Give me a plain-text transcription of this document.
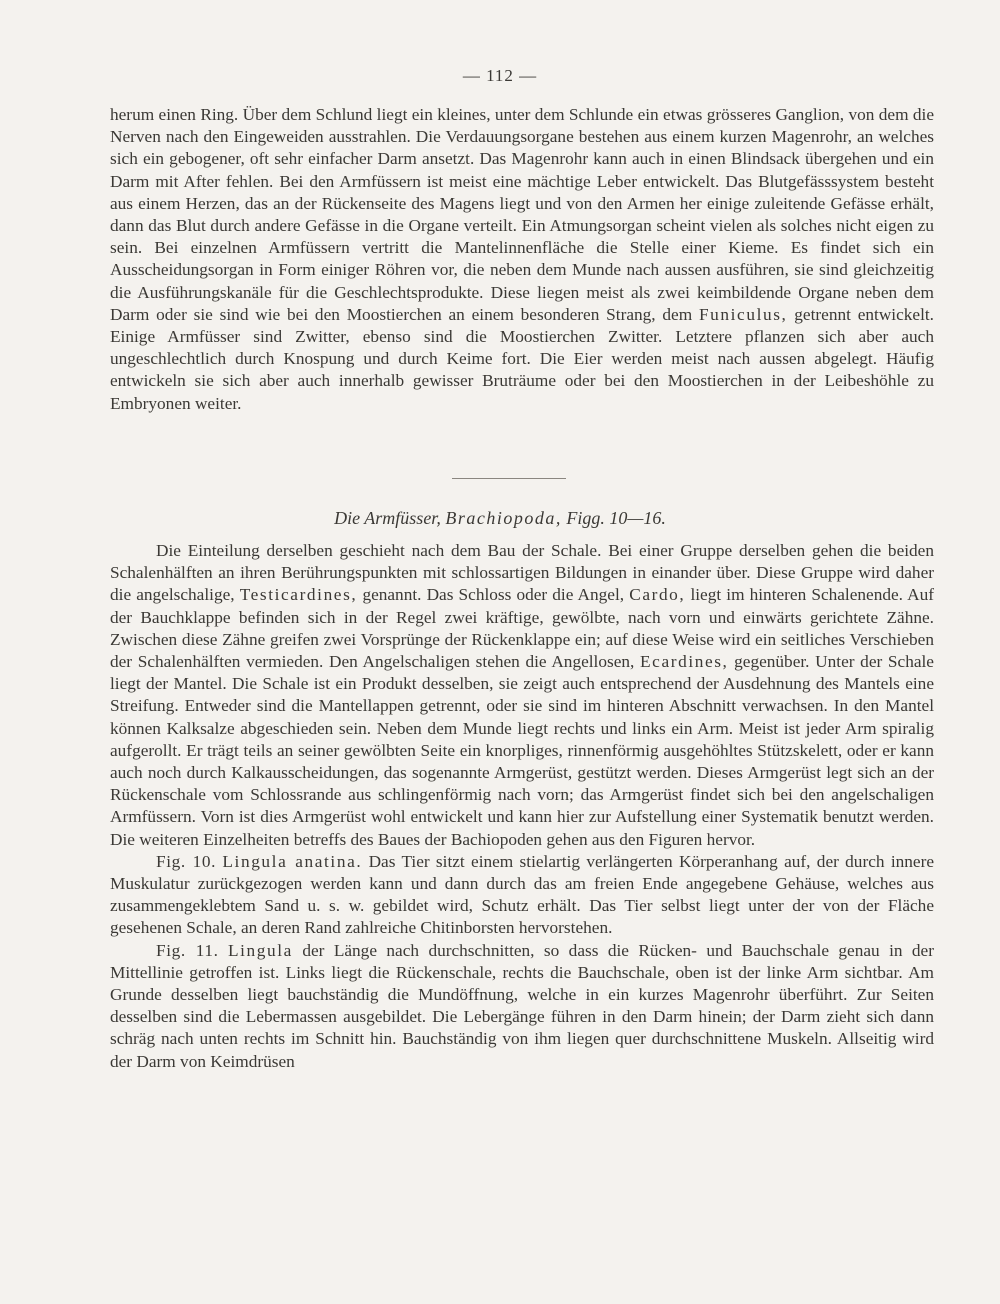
— 112 —

herum einen Ring. Über dem Schlund liegt ein kleines, unter dem Schlunde ein etwas grösseres Ganglion, von dem die Nerven nach den Eingeweiden ausstrahlen. Die Verdauungsorgane bestehen aus einem kurzen Magenrohr, an welches sich ein gebogener, oft sehr einfacher Darm ansetzt. Das Magenrohr kann auch in einen Blindsack übergehen und ein Darm mit After fehlen. Bei den Armfüssern ist meist eine mächtige Leber entwickelt. Das Blutgefässsystem besteht aus einem Herzen, das an der Rückenseite des Magens liegt und von den Armen her einige zuleitende Gefässe erhält, dann das Blut durch andere Gefässe in die Organe verteilt. Ein Atmungsorgan scheint vielen als solches nicht eigen zu sein. Bei einzelnen Armfüssern vertritt die Mantelinnenfläche die Stelle einer Kieme. Es findet sich ein Ausscheidungsorgan in Form einiger Röhren vor, die neben dem Munde nach aussen ausführen, sie sind gleichzeitig die Ausführungskanäle für die Geschlechtsprodukte. Diese liegen meist als zwei keimbildende Organe neben dem Darm oder sie sind wie bei den Moostierchen an einem besonderen Strang, dem Funiculus, getrennt entwickelt. Einige Armfüsser sind Zwitter, ebenso sind die Moostierchen Zwitter. Letztere pflanzen sich aber auch ungeschlechtlich durch Knospung und durch Keime fort. Die Eier werden meist nach aussen abgelegt. Häufig entwickeln sie sich aber auch innerhalb gewisser Bruträume oder bei den Moostierchen in der Leibeshöhle zu Embryonen weiter.

Die Armfüsser, Brachiopoda, Figg. 10—16.

Die Einteilung derselben geschieht nach dem Bau der Schale. Bei einer Gruppe derselben gehen die beiden Schalenhälften an ihren Berührungspunkten mit schlossartigen Bildungen in einander über. Diese Gruppe wird daher die angelschalige, Testicardines, genannt. Das Schloss oder die Angel, Cardo, liegt im hinteren Schalenende. Auf der Bauchklappe befinden sich in der Regel zwei kräftige, gewölbte, nach vorn und einwärts gerichtete Zähne. Zwischen diese Zähne greifen zwei Vorsprünge der Rückenklappe ein; auf diese Weise wird ein seitliches Verschieben der Schalenhälften vermieden. Den Angelschaligen stehen die Angellosen, Ecardines, gegenüber. Unter der Schale liegt der Mantel. Die Schale ist ein Produkt desselben, sie zeigt auch entsprechend der Ausdehnung des Mantels eine Streifung. Entweder sind die Mantellappen getrennt, oder sie sind im hinteren Abschnitt verwachsen. In den Mantel können Kalksalze abgeschieden sein. Neben dem Munde liegt rechts und links ein Arm. Meist ist jeder Arm spiralig aufgerollt. Er trägt teils an seiner gewölbten Seite ein knorpliges, rinnenförmig ausgehöhltes Stützskelett, oder er kann auch noch durch Kalkausscheidungen, das sogenannte Armgerüst, gestützt werden. Dieses Armgerüst legt sich an der Rückenschale vom Schlossrande aus schlingenförmig nach vorn; das Armgerüst findet sich bei den angelschaligen Armfüssern. Vorn ist dies Armgerüst wohl entwickelt und kann hier zur Aufstellung einer Systematik benutzt werden. Die weiteren Einzelheiten betreffs des Baues der Bachiopoden gehen aus den Figuren hervor.

Fig. 10. Lingula anatina. Das Tier sitzt einem stielartig verlängerten Körperanhang auf, der durch innere Muskulatur zurückgezogen werden kann und dann durch das am freien Ende angegebene Gehäuse, welches aus zusammengeklebtem Sand u. s. w. gebildet wird, Schutz erhält. Das Tier selbst liegt unter der von der Fläche gesehenen Schale, an deren Rand zahlreiche Chitinborsten hervorstehen.

Fig. 11. Lingula der Länge nach durchschnitten, so dass die Rücken- und Bauchschale genau in der Mittellinie getroffen ist. Links liegt die Rückenschale, rechts die Bauchschale, oben ist der linke Arm sichtbar. Am Grunde desselben liegt bauchständig die Mundöffnung, welche in ein kurzes Magenrohr überführt. Zur Seiten desselben sind die Lebermassen ausgebildet. Die Lebergänge führen in den Darm hinein; der Darm zieht sich dann schräg nach unten rechts im Schnitt hin. Bauchständig von ihm liegen quer durchschnittene Muskeln. Allseitig wird der Darm von Keimdrüsen
